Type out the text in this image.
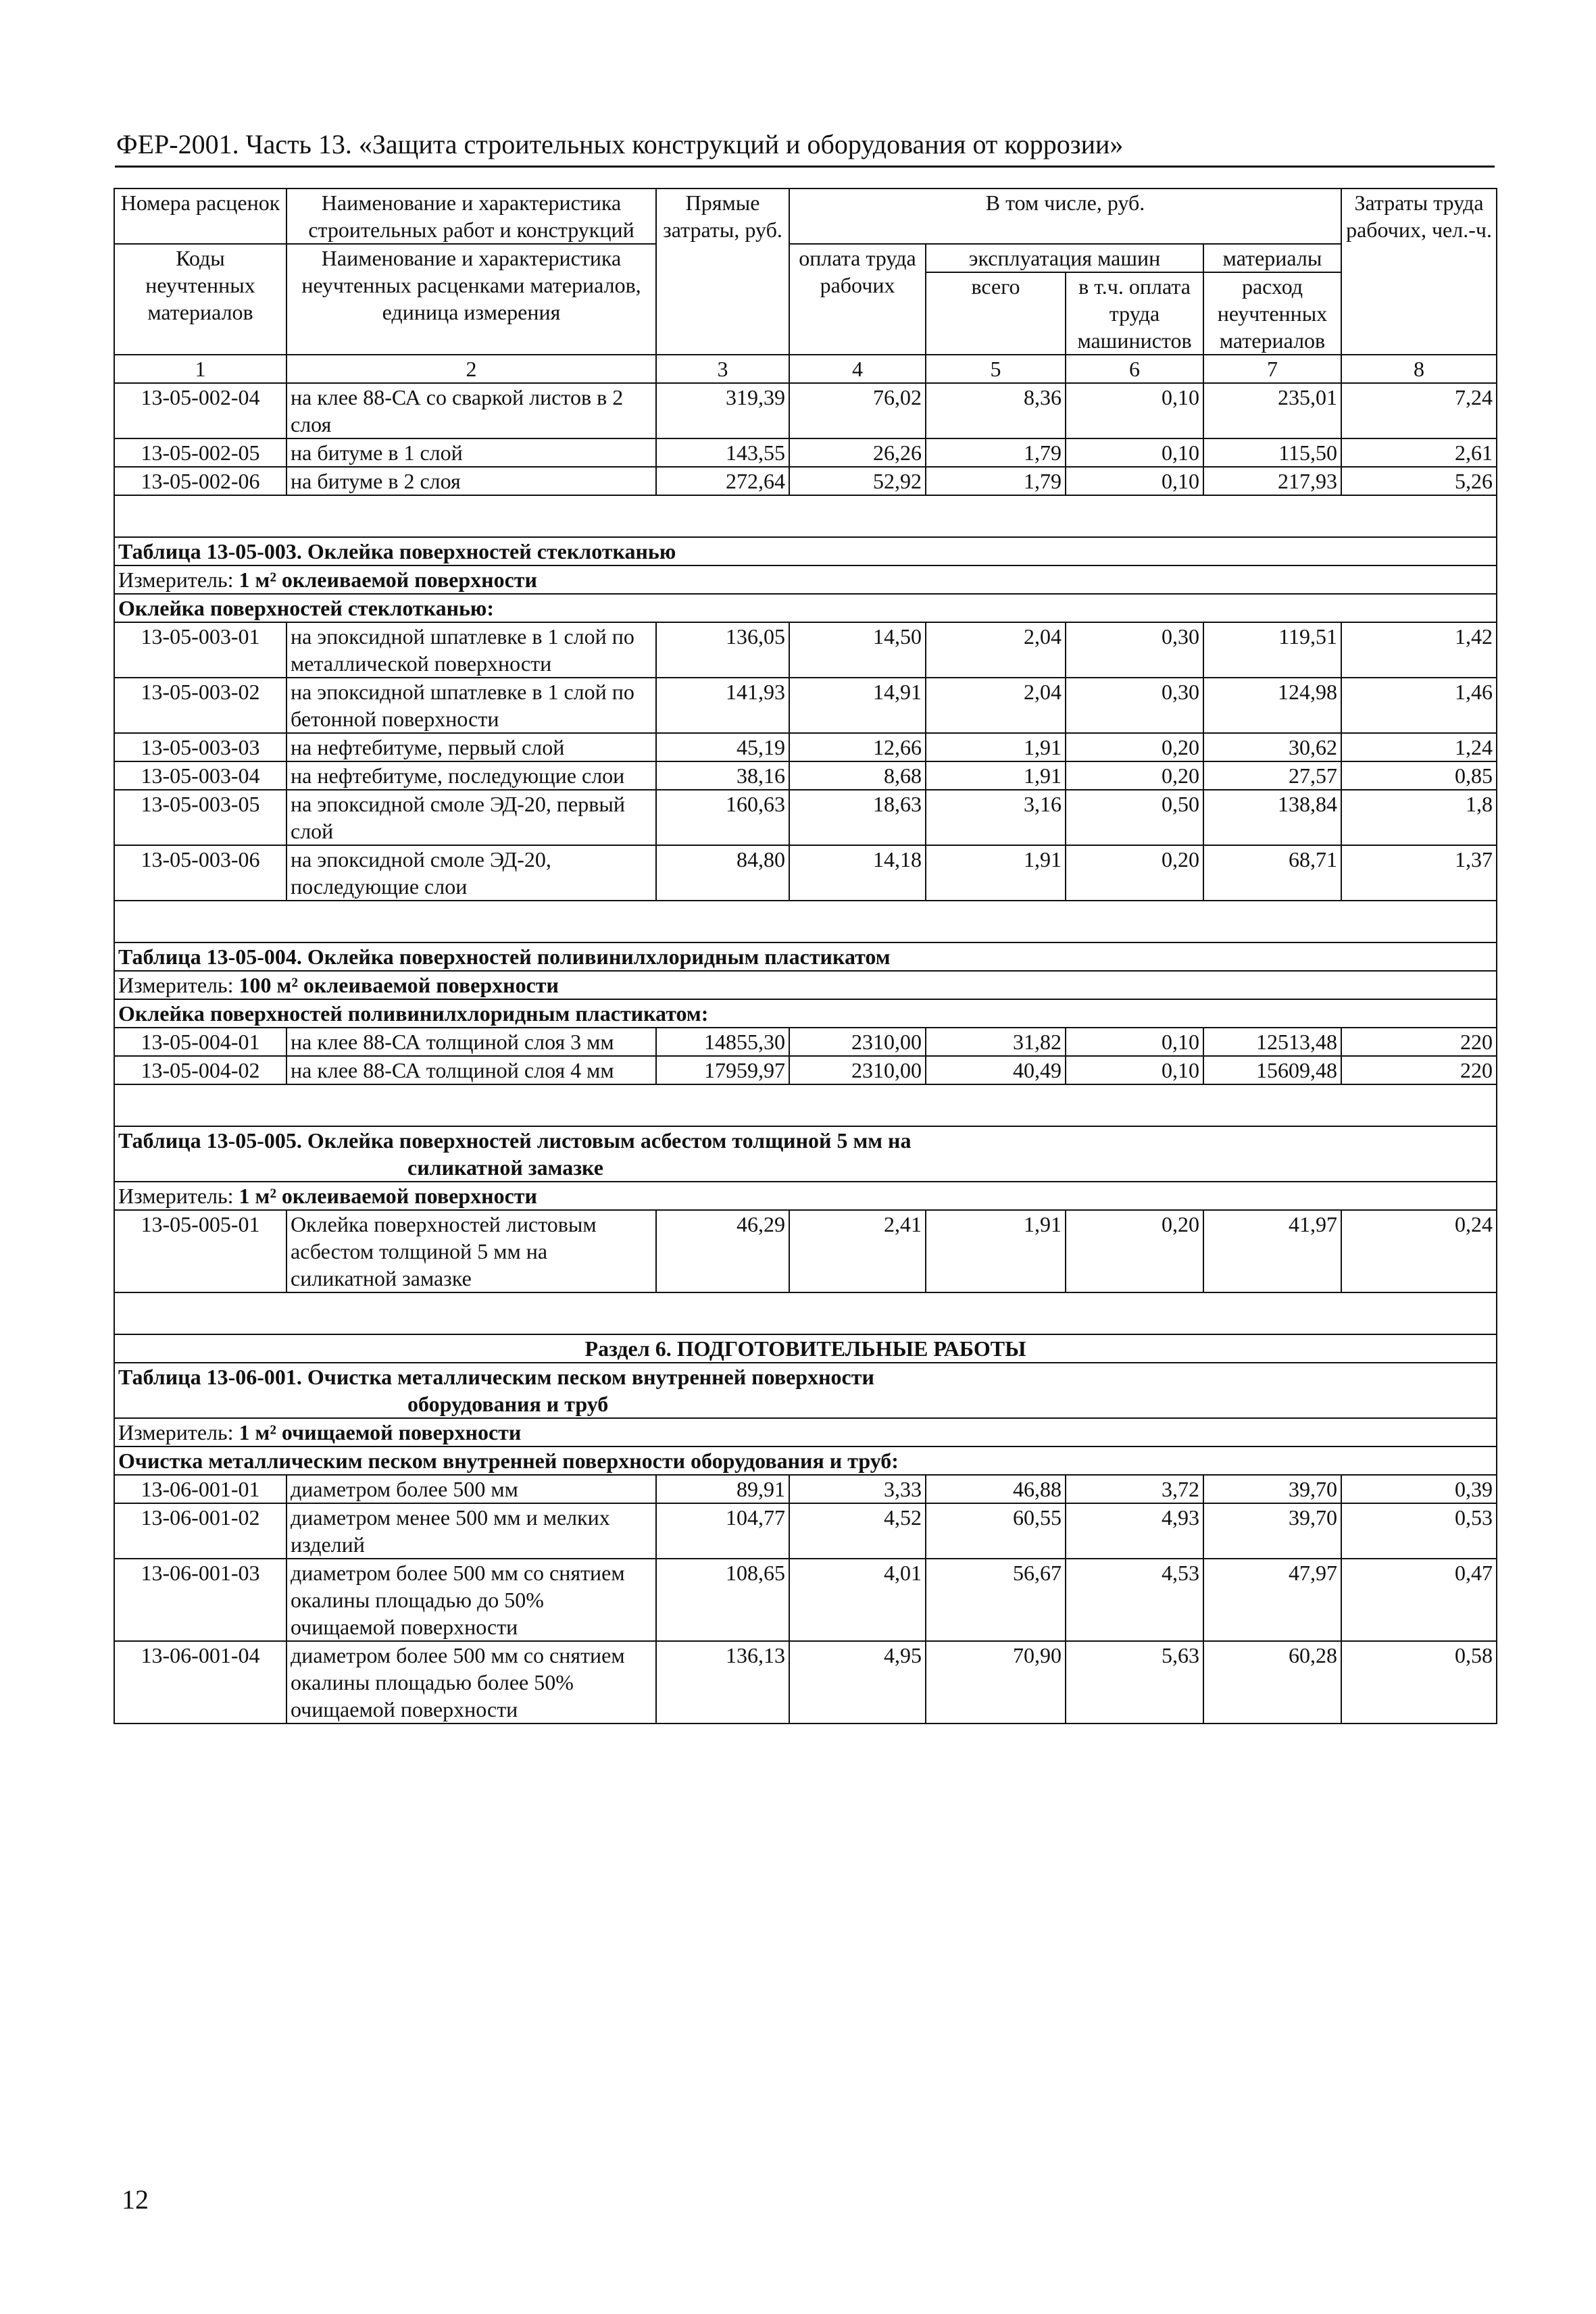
ФЕР-2001. Часть 13. «Защита строительных конструкций и оборудования от коррозии»
Номера расценок	Наименование и характеристика строительных работ и конструкций	Прямые затраты, руб.	В том числе, руб.				Затраты труда рабочих, чел.-ч.
Коды неучтенных материалов	Наименование и характеристика неучтенных расценками материалов, единица измерения		оплата труда рабочих	эксплуатация машин		материалы	
				всего	в т.ч. оплата труда машинистов	расход неучтенных материалов	
1	2	3	4	5	6	7	8
13-05-002-04	на клее 88-СА со сваркой листов в 2 слоя	319,39	76,02	8,36	0,10	235,01	7,24
13-05-002-05	на битуме в 1 слой	143,55	26,26	1,79	0,10	115,50	2,61
13-05-002-06	на битуме в 2 слоя	272,64	52,92	1,79	0,10	217,93	5,26

Таблица 13-05-003. Оклейка поверхностей стеклотканью							
Измеритель: 1 м² оклеиваемой поверхности							
Оклейка поверхностей стеклотканью:							
13-05-003-01	на эпоксидной шпатлевке в 1 слой по металлической поверхности	136,05	14,50	2,04	0,30	119,51	1,42
13-05-003-02	на эпоксидной шпатлевке в 1 слой по бетонной поверхности	141,93	14,91	2,04	0,30	124,98	1,46
13-05-003-03	на нефтебитуме, первый слой	45,19	12,66	1,91	0,20	30,62	1,24
13-05-003-04	на нефтебитуме, последующие слои	38,16	8,68	1,91	0,20	27,57	0,85
13-05-003-05	на эпоксидной смоле ЭД-20, первый слой	160,63	18,63	3,16	0,50	138,84	1,8
13-05-003-06	на эпоксидной смоле ЭД-20, последующие слои	84,80	14,18	1,91	0,20	68,71	1,37

Таблица 13-05-004. Оклейка поверхностей поливинилхлоридным пластикатом							
Измеритель: 100 м² оклеиваемой поверхности							
Оклейка поверхностей поливинилхлоридным пластикатом:							
13-05-004-01	на клее 88-СА толщиной слоя 3 мм	14855,30	2310,00	31,82	0,10	12513,48	220
13-05-004-02	на клее 88-СА толщиной слоя 4 мм	17959,97	2310,00	40,49	0,10	15609,48	220

Таблица 13-05-005. Оклейка поверхностей листовым асбестом толщиной 5 мм на
силикатной замазке							

Измеритель: 1 м² оклеиваемой поверхности							
13-05-005-01	Оклейка поверхностей листовым асбестом толщиной 5 мм на силикатной замазке	46,29	2,41	1,91	0,20	41,97	0,24

Раздел 6. ПОДГОТОВИТЕЛЬНЫЕ РАБОТЫ							
Таблица 13-06-001. Очистка металлическим песком внутренней поверхности
оборудования и труб							

Измеритель: 1 м² очищаемой поверхности							
Очистка металлическим песком внутренней поверхности оборудования и труб:							
13-06-001-01	диаметром более 500 мм	89,91	3,33	46,88	3,72	39,70	0,39
13-06-001-02	диаметром менее 500 мм и мелких изделий	104,77	4,52	60,55	4,93	39,70	0,53
13-06-001-03	диаметром более 500 мм со снятием окалины площадью до 50% очищаемой поверхности	108,65	4,01	56,67	4,53	47,97	0,47
13-06-001-04	диаметром более 500 мм со снятием окалины площадью более 50% очищаемой поверхности	136,13	4,95	70,90	5,63	60,28	0,58
12
